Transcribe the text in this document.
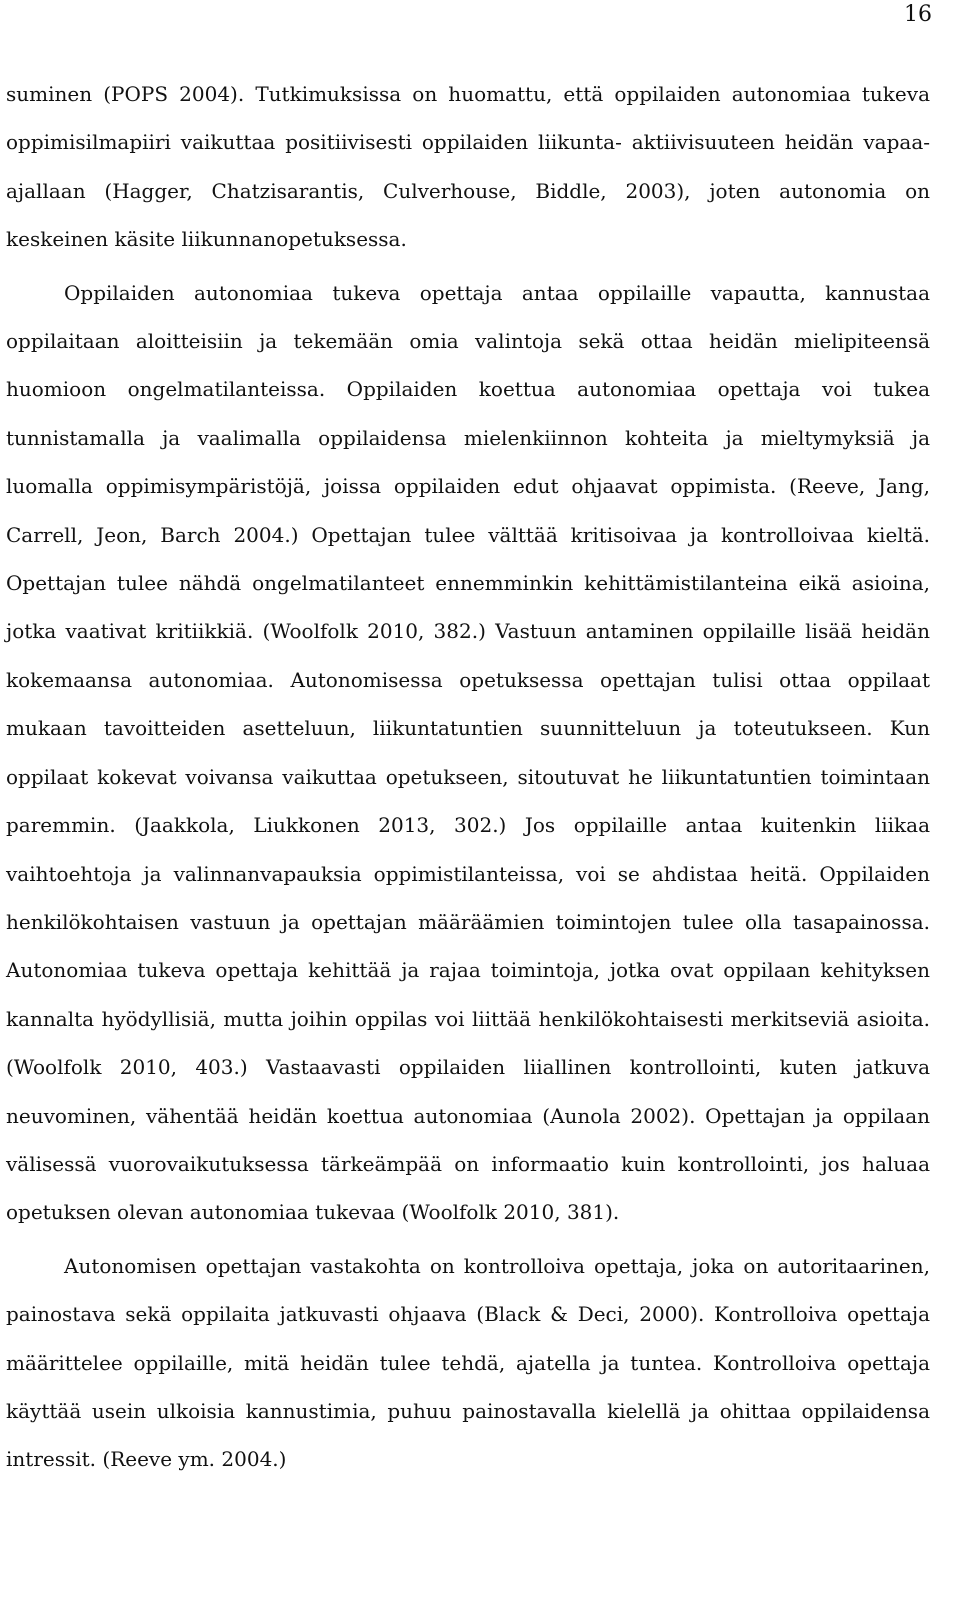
16

suminen (POPS 2004). Tutkimuksissa on huomattu, että oppilaiden autonomiaa tukeva oppimisilmapiiri vaikuttaa positiivisesti oppilaiden liikunta- aktiivisuuteen heidän vapaa- ajallaan (Hagger, Chatzisarantis, Culverhouse, Biddle, 2003), joten autonomia on keskeinen käsite liikunnanopetuksessa.

Oppilaiden autonomiaa tukeva opettaja antaa oppilaille vapautta, kannustaa oppilaitaan aloitteisiin ja tekemään omia valintoja sekä ottaa heidän mielipiteensä huomioon ongelmatilanteissa. Oppilaiden koettua autonomiaa opettaja voi tukea tunnistamalla ja vaalimalla oppilaidensa mielenkiinnon kohteita ja mieltymyksiä ja luomalla oppimisympäristöjä, joissa oppilaiden edut ohjaavat oppimista. (Reeve, Jang, Carrell, Jeon, Barch 2004.) Opettajan tulee välttää kritisoivaa ja kontrolloivaa kieltä. Opettajan tulee nähdä ongelmatilanteet ennemminkin kehittämistilanteina eikä asioina, jotka vaativat kritiikkiä. (Woolfolk 2010, 382.) Vastuun antaminen oppilaille lisää heidän kokemaansa autonomiaa. Autonomisessa opetuksessa opettajan tulisi ottaa oppilaat mukaan tavoitteiden asetteluun, liikuntatuntien suunnitteluun ja toteutukseen. Kun oppilaat kokevat voivansa vaikuttaa opetukseen, sitoutuvat he liikuntatuntien toimintaan paremmin. (Jaakkola, Liukkonen 2013, 302.) Jos oppilaille antaa kuitenkin liikaa vaihtoehtoja ja valinnanvapauksia oppimistilanteissa, voi se ahdistaa heitä. Oppilaiden henkilökohtaisen vastuun ja opettajan määräämien toimintojen tulee olla tasapainossa. Autonomiaa tukeva opettaja kehittää ja rajaa toimintoja, jotka ovat oppilaan kehityksen kannalta hyödyllisiä, mutta joihin oppilas voi liittää henkilökohtaisesti merkitseviä asioita. (Woolfolk 2010, 403.) Vastaavasti oppilaiden liiallinen kontrollointi, kuten jatkuva neuvominen, vähentää heidän koettua autonomiaa (Aunola 2002). Opettajan ja oppilaan välisessä vuorovaikutuksessa tärkeämpää on informaatio kuin kontrollointi, jos haluaa opetuksen olevan autonomiaa tukevaa (Woolfolk 2010, 381).

Autonomisen opettajan vastakohta on kontrolloiva opettaja, joka on autoritaarinen, painostava sekä oppilaita jatkuvasti ohjaava (Black & Deci, 2000). Kontrolloiva opettaja määrittelee oppilaille, mitä heidän tulee tehdä, ajatella ja tuntea. Kontrolloiva opettaja käyttää usein ulkoisia kannustimia, puhuu painostavalla kielellä ja ohittaa oppilaidensa intressit. (Reeve ym. 2004.)
